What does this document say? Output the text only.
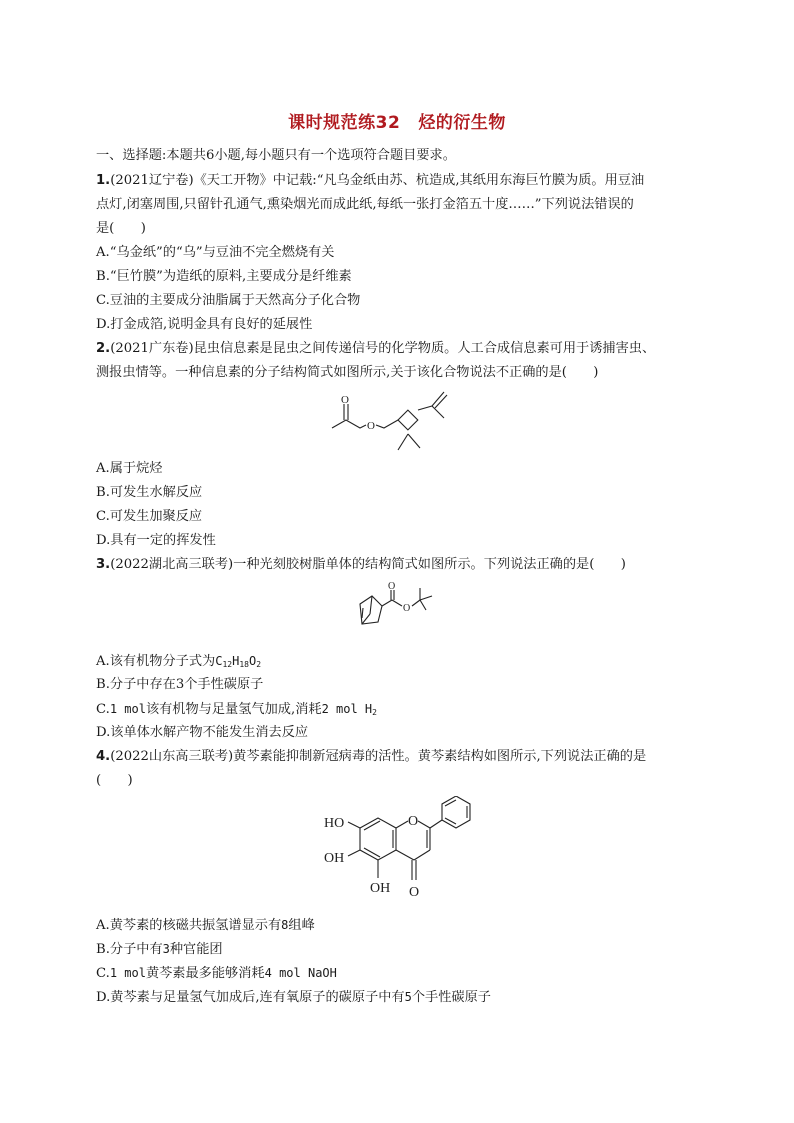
课时规范练32 烃的衍生物
一、选择题:本题共6小题,每小题只有一个选项符合题目要求。
1.(2021辽宁卷)《天工开物》中记载:“凡乌金纸由苏、杭造成,其纸用东海巨竹膜为质。用豆油
点灯,闭塞周围,只留针孔通气,熏染烟光而成此纸,每纸一张打金箔五十度……”下列说法错误的
是(　　)
A.“乌金纸”的“乌”与豆油不完全燃烧有关
B.“巨竹膜”为造纸的原料,主要成分是纤维素
C.豆油的主要成分油脂属于天然高分子化合物
D.打金成箔,说明金具有良好的延展性
2.(2021广东卷)昆虫信息素是昆虫之间传递信号的化学物质。人工合成信息素可用于诱捕害虫、
测报虫情等。一种信息素的分子结构简式如图所示,关于该化合物说法不正确的是(　　)
O
O
A.属于烷烃
B.可发生水解反应
C.可发生加聚反应
D.具有一定的挥发性
3.(2022湖北高三联考)一种光刻胶树脂单体的结构简式如图所示。下列说法正确的是(　　)
O
O
A.该有机物分子式为$C_{12}H_{18}O_2$
B.分子中存在3个手性碳原子
C.1 mol该有机物与足量氢气加成,消耗2 mol $H_2$
D.该单体水解产物不能发生消去反应
4.(2022山东高三联考)黄芩素能抑制新冠病毒的活性。黄芩素结构如图所示,下列说法正确的是
(　　)
HO
OH
OH
O
O
A.黄芩素的核磁共振氢谱显示有8组峰
B.分子中有3种官能团
C.1 mol黄芩素最多能够消耗4 mol NaOH
D.黄芩素与足量氢气加成后,连有氧原子的碳原子中有5个手性碳原子
